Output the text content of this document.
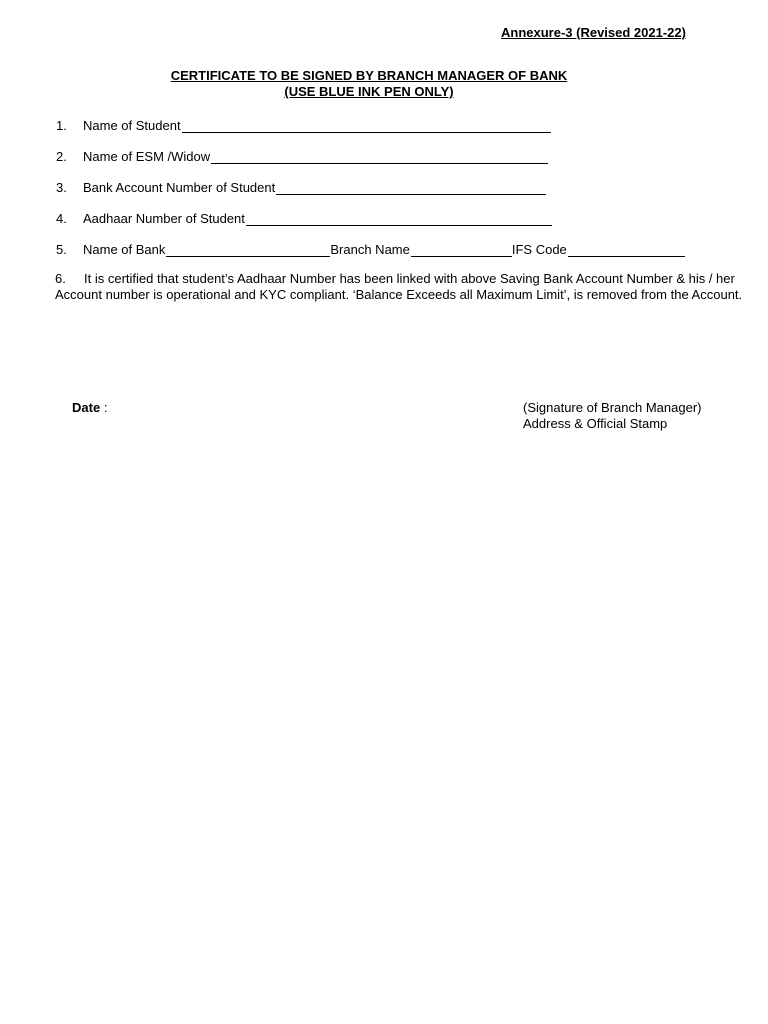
Annexure-3 (Revised 2021-22)
CERTIFICATE TO BE SIGNED BY BRANCH MANAGER OF BANK
(USE BLUE INK PEN ONLY)
1.	Name of Student
2.	Name of ESM /Widow
3.	Bank Account Number of Student
4.	Aadhaar Number of Student
5.	Name of Bank	Branch Name	IFS Code
6. It is certified that student’s Aadhaar Number has been linked with above Saving Bank Account Number & his / her Account number is operational and KYC compliant. ‘Balance Exceeds all Maximum Limit’, is removed from the Account.
Date :	(Signature of Branch Manager)
Address & Official Stamp
